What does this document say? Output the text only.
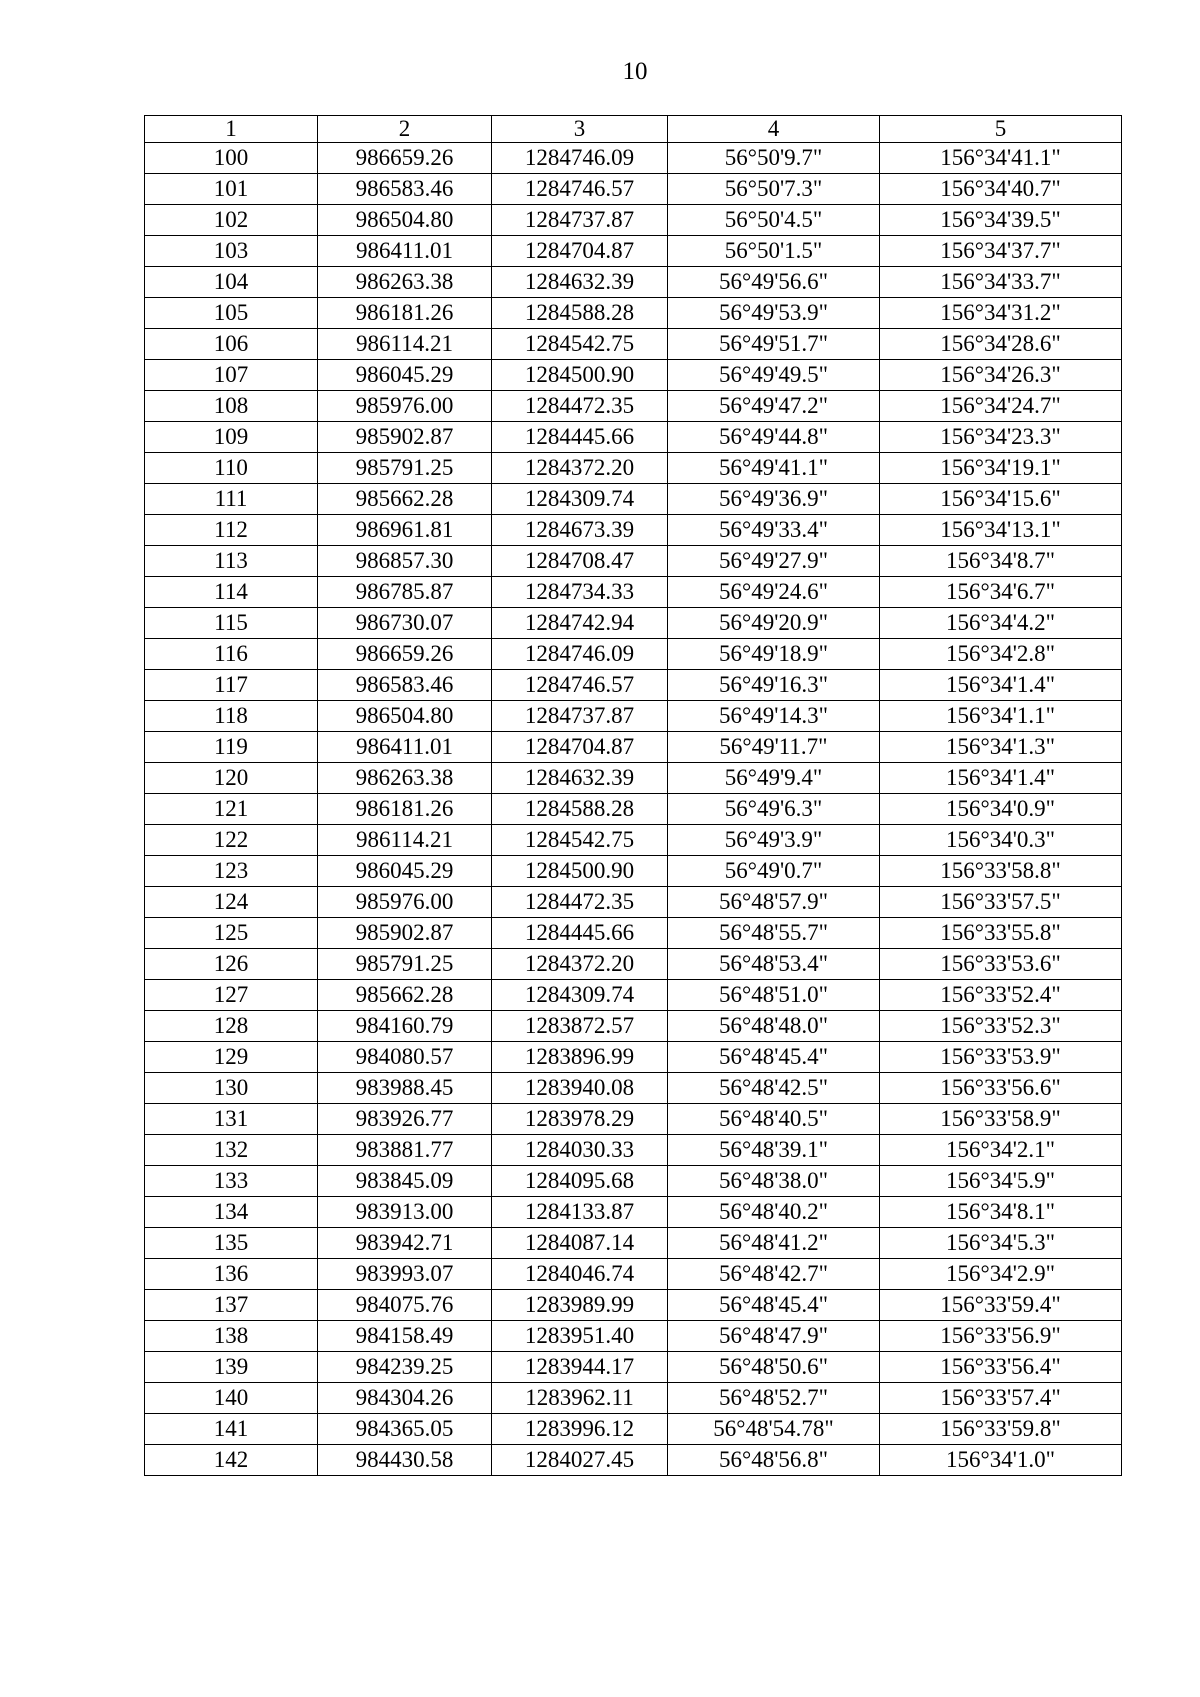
10
1	2	3	4	5
100	986659.26	1284746.09	56°50'9.7"	156°34'41.1"
101	986583.46	1284746.57	56°50'7.3"	156°34'40.7"
102	986504.80	1284737.87	56°50'4.5"	156°34'39.5"
103	986411.01	1284704.87	56°50'1.5"	156°34'37.7"
104	986263.38	1284632.39	56°49'56.6"	156°34'33.7"
105	986181.26	1284588.28	56°49'53.9"	156°34'31.2"
106	986114.21	1284542.75	56°49'51.7"	156°34'28.6"
107	986045.29	1284500.90	56°49'49.5"	156°34'26.3"
108	985976.00	1284472.35	56°49'47.2"	156°34'24.7"
109	985902.87	1284445.66	56°49'44.8"	156°34'23.3"
110	985791.25	1284372.20	56°49'41.1"	156°34'19.1"
111	985662.28	1284309.74	56°49'36.9"	156°34'15.6"
112	986961.81	1284673.39	56°49'33.4"	156°34'13.1"
113	986857.30	1284708.47	56°49'27.9"	156°34'8.7"
114	986785.87	1284734.33	56°49'24.6"	156°34'6.7"
115	986730.07	1284742.94	56°49'20.9"	156°34'4.2"
116	986659.26	1284746.09	56°49'18.9"	156°34'2.8"
117	986583.46	1284746.57	56°49'16.3"	156°34'1.4"
118	986504.80	1284737.87	56°49'14.3"	156°34'1.1"
119	986411.01	1284704.87	56°49'11.7"	156°34'1.3"
120	986263.38	1284632.39	56°49'9.4"	156°34'1.4"
121	986181.26	1284588.28	56°49'6.3"	156°34'0.9"
122	986114.21	1284542.75	56°49'3.9"	156°34'0.3"
123	986045.29	1284500.90	56°49'0.7"	156°33'58.8"
124	985976.00	1284472.35	56°48'57.9"	156°33'57.5"
125	985902.87	1284445.66	56°48'55.7"	156°33'55.8"
126	985791.25	1284372.20	56°48'53.4"	156°33'53.6"
127	985662.28	1284309.74	56°48'51.0"	156°33'52.4"
128	984160.79	1283872.57	56°48'48.0"	156°33'52.3"
129	984080.57	1283896.99	56°48'45.4"	156°33'53.9"
130	983988.45	1283940.08	56°48'42.5"	156°33'56.6"
131	983926.77	1283978.29	56°48'40.5"	156°33'58.9"
132	983881.77	1284030.33	56°48'39.1"	156°34'2.1"
133	983845.09	1284095.68	56°48'38.0"	156°34'5.9"
134	983913.00	1284133.87	56°48'40.2"	156°34'8.1"
135	983942.71	1284087.14	56°48'41.2"	156°34'5.3"
136	983993.07	1284046.74	56°48'42.7"	156°34'2.9"
137	984075.76	1283989.99	56°48'45.4"	156°33'59.4"
138	984158.49	1283951.40	56°48'47.9"	156°33'56.9"
139	984239.25	1283944.17	56°48'50.6"	156°33'56.4"
140	984304.26	1283962.11	56°48'52.7"	156°33'57.4"
141	984365.05	1283996.12	56°48'54.78"	156°33'59.8"
142	984430.58	1284027.45	56°48'56.8"	156°34'1.0"
